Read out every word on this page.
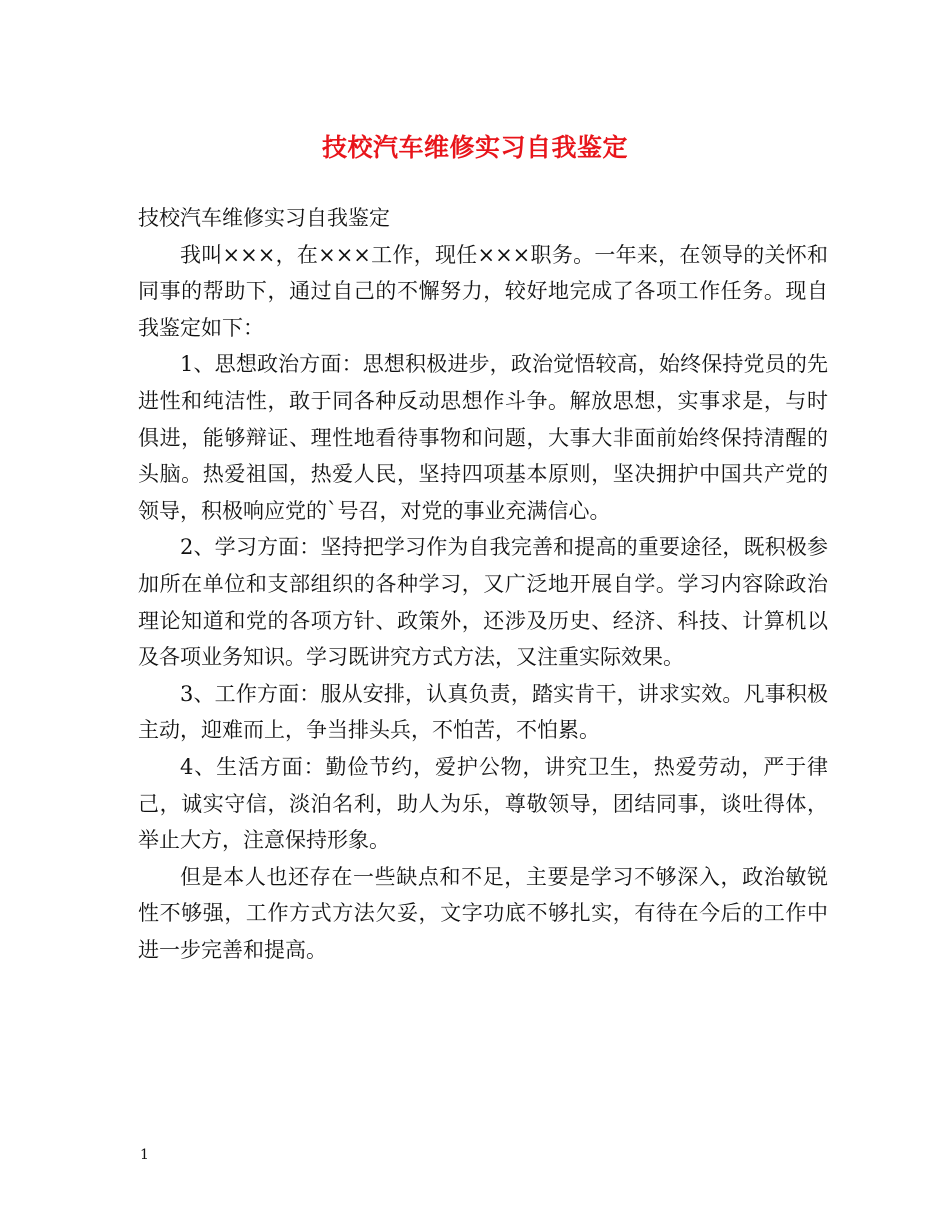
技校汽车维修实习自我鉴定

技校汽车维修实习自我鉴定

我叫×××，在×××工作，现任×××职务。一年来，在领导的关怀和同事的帮助下，通过自己的不懈努力，较好地完成了各项工作任务。现自我鉴定如下：

1、思想政治方面：思想积极进步，政治觉悟较高，始终保持党员的先进性和纯洁性，敢于同各种反动思想作斗争。解放思想，实事求是，与时俱进，能够辩证、理性地看待事物和问题，大事大非面前始终保持清醒的头脑。热爱祖国，热爱人民，坚持四项基本原则，坚决拥护中国共产党的领导，积极响应党的`号召，对党的事业充满信心。

2、学习方面：坚持把学习作为自我完善和提高的重要途径，既积极参加所在单位和支部组织的各种学习，又广泛地开展自学。学习内容除政治理论知道和党的各项方针、政策外，还涉及历史、经济、科技、计算机以及各项业务知识。学习既讲究方式方法，又注重实际效果。

3、工作方面：服从安排，认真负责，踏实肯干，讲求实效。凡事积极主动，迎难而上，争当排头兵，不怕苦，不怕累。

4、生活方面：勤俭节约，爱护公物，讲究卫生，热爱劳动，严于律己，诚实守信，淡泊名利，助人为乐，尊敬领导，团结同事，谈吐得体，举止大方，注意保持形象。

但是本人也还存在一些缺点和不足，主要是学习不够深入，政治敏锐性不够强，工作方式方法欠妥，文字功底不够扎实，有待在今后的工作中进一步完善和提高。

1
